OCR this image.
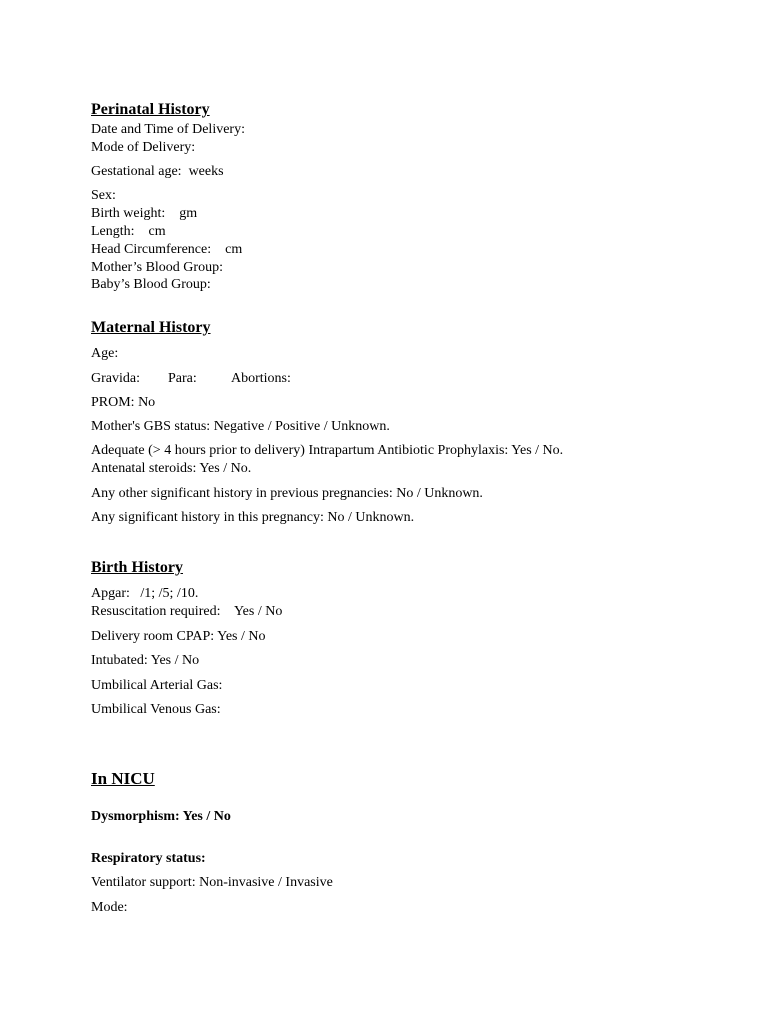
Perinatal History
Date and Time of Delivery:
Mode of Delivery:
Gestational age:  weeks
Sex:
Birth weight:    gm
Length:    cm
Head Circumference:    cm
Mother’s Blood Group:
Baby’s Blood Group:
Maternal History
Age:
Gravida:        Para:          Abortions:
PROM: No
Mother's GBS status: Negative / Positive / Unknown.
Adequate (> 4 hours prior to delivery) Intrapartum Antibiotic Prophylaxis: Yes / No.
Antenatal steroids: Yes / No.
Any other significant history in previous pregnancies: No / Unknown.
Any significant history in this pregnancy: No / Unknown.
Birth History
Apgar:   /1; /5; /10.
Resuscitation required:    Yes / No
Delivery room CPAP: Yes / No
Intubated: Yes / No
Umbilical Arterial Gas:
Umbilical Venous Gas:
In NICU
Dysmorphism: Yes / No
Respiratory status:
Ventilator support: Non-invasive / Invasive
Mode:
